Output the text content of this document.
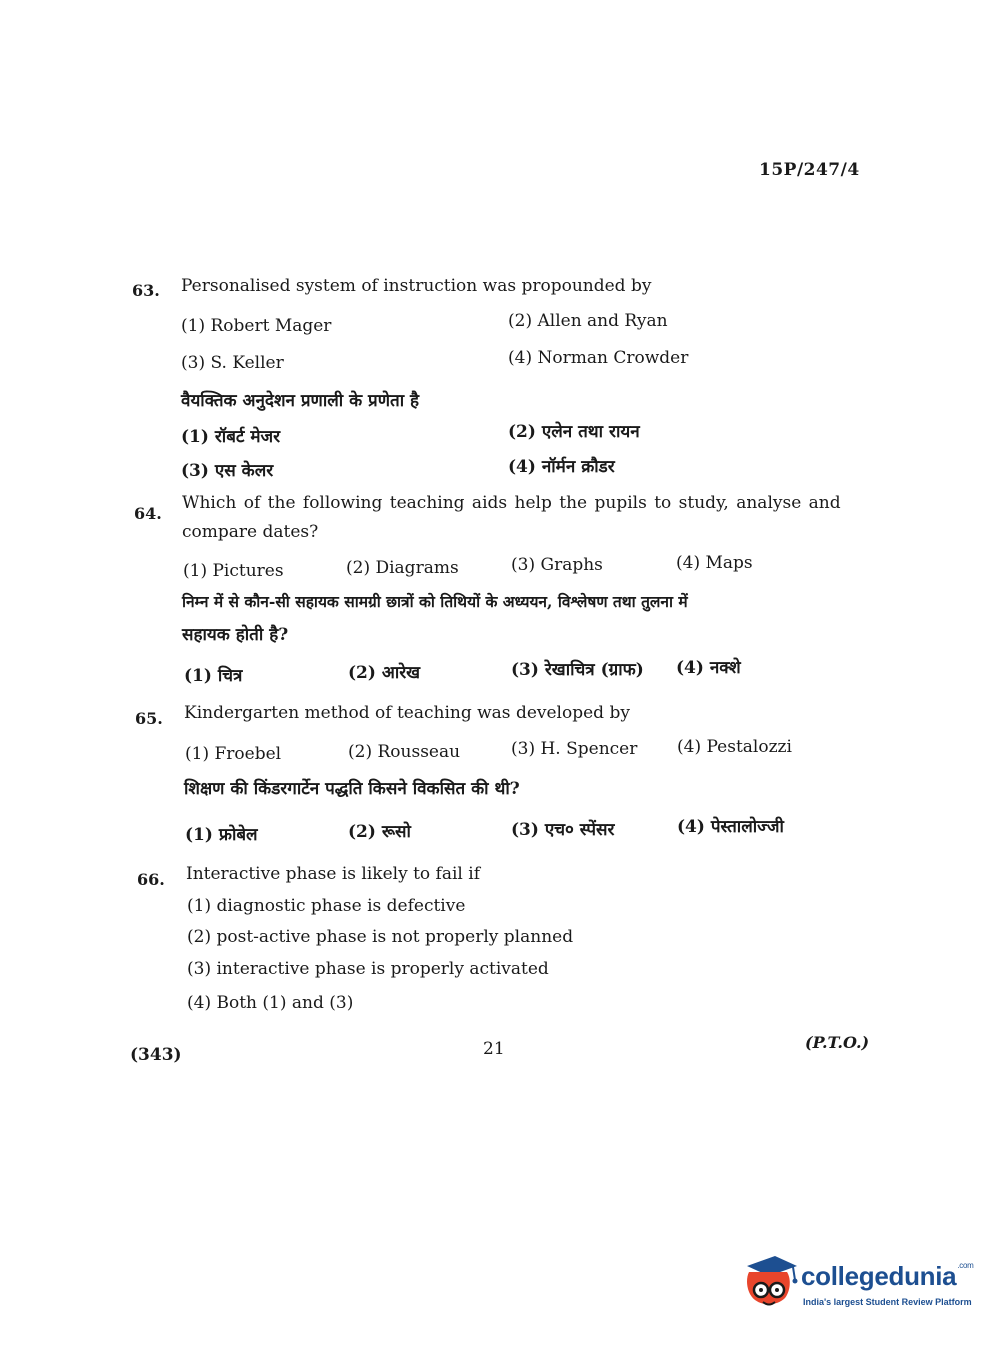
15P/247/4
63. Personalised system of instruction was propounded by
(1) Robert Mager	(2) Allen and Ryan
(3) S. Keller	(4) Norman Crowder
वैयक्तिक अनुदेशन प्रणाली के प्रणेता है
(1) रॉबर्ट मेजर	(2) एलेन तथा रायन
(3) एस केलर	(4) नॉर्मन क्रौडर
64.
Which of the following teaching aids help the pupils to study, analyse and
compare dates?
(1) Pictures	(2) Diagrams	(3) Graphs	(4) Maps
निम्न में से कौन-सी सहायक सामग्री छात्रों को तिथियों के अध्ययन, विश्लेषण तथा तुलना में
सहायक होती है?
(1) चित्र	(2) आरेख	(3) रेखाचित्र (ग्राफ) (4) नक्शे
65. Kindergarten method of teaching was developed by
(1) Froebel	(2) Rousseau	(3) H. Spencer (4) Pestalozzi
शिक्षण की किंडरगार्टेन पद्धति किसने विकसित की थी?
(1) फ्रोबेल	(2) रूसो	(3) एच० स्पेंसर	(4) पेस्तालोज्जी
66. Interactive phase is likely to fail if
(1) diagnostic phase is defective
(2) post-active phase is not properly planned
(3) interactive phase is properly activated
(4) Both (1) and (3)
(343)	21	(P.T.O.)
collegedunia$^{.com}$
India's largest Student Review Platform
